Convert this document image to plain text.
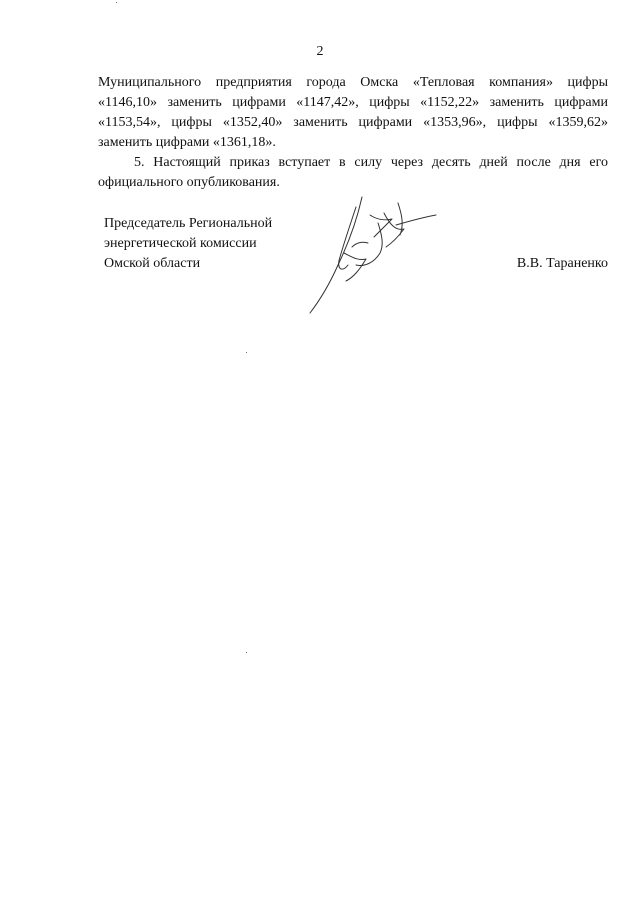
2
Муниципального предприятия города Омска «Тепловая компания» цифры
«1146,10» заменить цифрами «1147,42», цифры «1152,22» заменить цифрами
«1153,54», цифры «1352,40» заменить цифрами «1353,96», цифры «1359,62»
заменить цифрами «1361,18».
5. Настоящий приказ вступает в силу через десять дней после дня его
официального опубликования.
Председатель Региональной
энергетической комиссии
Омской области	В.В. Тараненко
